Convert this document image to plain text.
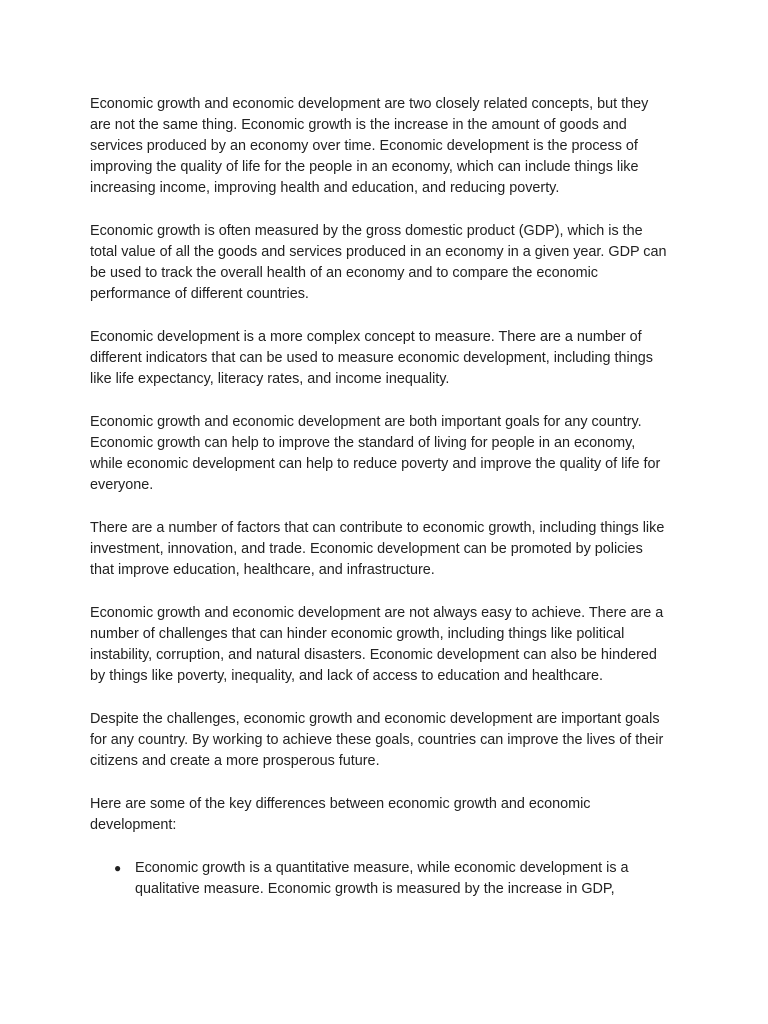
Economic growth and economic development are two closely related concepts, but they are not the same thing. Economic growth is the increase in the amount of goods and services produced by an economy over time. Economic development is the process of improving the quality of life for the people in an economy, which can include things like increasing income, improving health and education, and reducing poverty.

Economic growth is often measured by the gross domestic product (GDP), which is the total value of all the goods and services produced in an economy in a given year. GDP can be used to track the overall health of an economy and to compare the economic performance of different countries.

Economic development is a more complex concept to measure. There are a number of different indicators that can be used to measure economic development, including things like life expectancy, literacy rates, and income inequality.

Economic growth and economic development are both important goals for any country. Economic growth can help to improve the standard of living for people in an economy, while economic development can help to reduce poverty and improve the quality of life for everyone.

There are a number of factors that can contribute to economic growth, including things like investment, innovation, and trade. Economic development can be promoted by policies that improve education, healthcare, and infrastructure.

Economic growth and economic development are not always easy to achieve. There are a number of challenges that can hinder economic growth, including things like political instability, corruption, and natural disasters. Economic development can also be hindered by things like poverty, inequality, and lack of access to education and healthcare.

Despite the challenges, economic growth and economic development are important goals for any country. By working to achieve these goals, countries can improve the lives of their citizens and create a more prosperous future.

Here are some of the key differences between economic growth and economic development:

● Economic growth is a quantitative measure, while economic development is a qualitative measure. Economic growth is measured by the increase in GDP,
